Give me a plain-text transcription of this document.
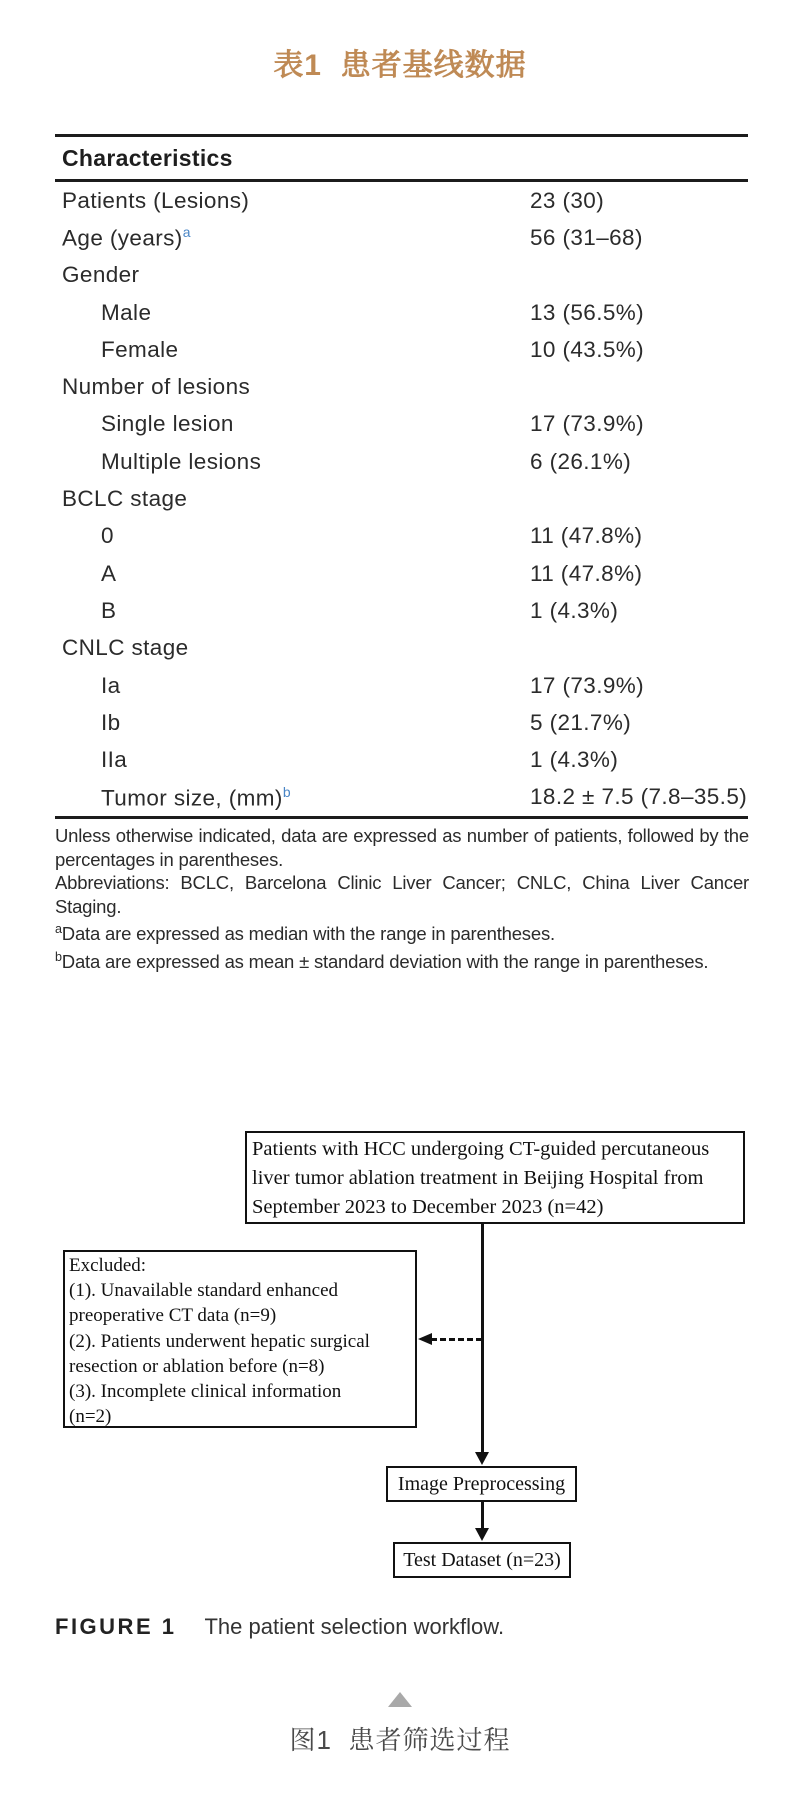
表1  患者基线数据
Characteristics
Patients (Lesions)	23 (30)
Age (years)$^a$	56 (31–68)
Gender
Male	13 (56.5%)
Female	10 (43.5%)
Number of lesions
Single lesion	17 (73.9%)
Multiple lesions	6 (26.1%)
BCLC stage
0	11 (47.8%)
A	11 (47.8%)
B	1 (4.3%)
CNLC stage
Ia	17 (73.9%)
Ib	5 (21.7%)
IIa	1 (4.3%)
Tumor size, (mm)$^b$	18.2 ± 7.5 (7.8–35.5)

Unless otherwise indicated, data are expressed as number of patients, followed by the percentages in parentheses.

Abbreviations: BCLC, Barcelona Clinic Liver Cancer; CNLC, China Liver Cancer Staging.

$^a$Data are expressed as median with the range in parentheses.

$^b$Data are expressed as mean ± standard deviation with the range in parentheses.

Patients with HCC undergoing CT-guided percutaneous
liver tumor ablation treatment in Beijing Hospital from
September 2023 to December 2023 (n=42)
Excluded:
(1). Unavailable standard enhanced
preoperative CT data (n=9)
(2). Patients underwent hepatic surgical
resection or ablation before (n=8)
(3). Incomplete clinical information
(n=2)
Image Preprocessing
Test Dataset (n=23)
FIGURE 1 The patient selection workflow.
图1  患者筛选过程
